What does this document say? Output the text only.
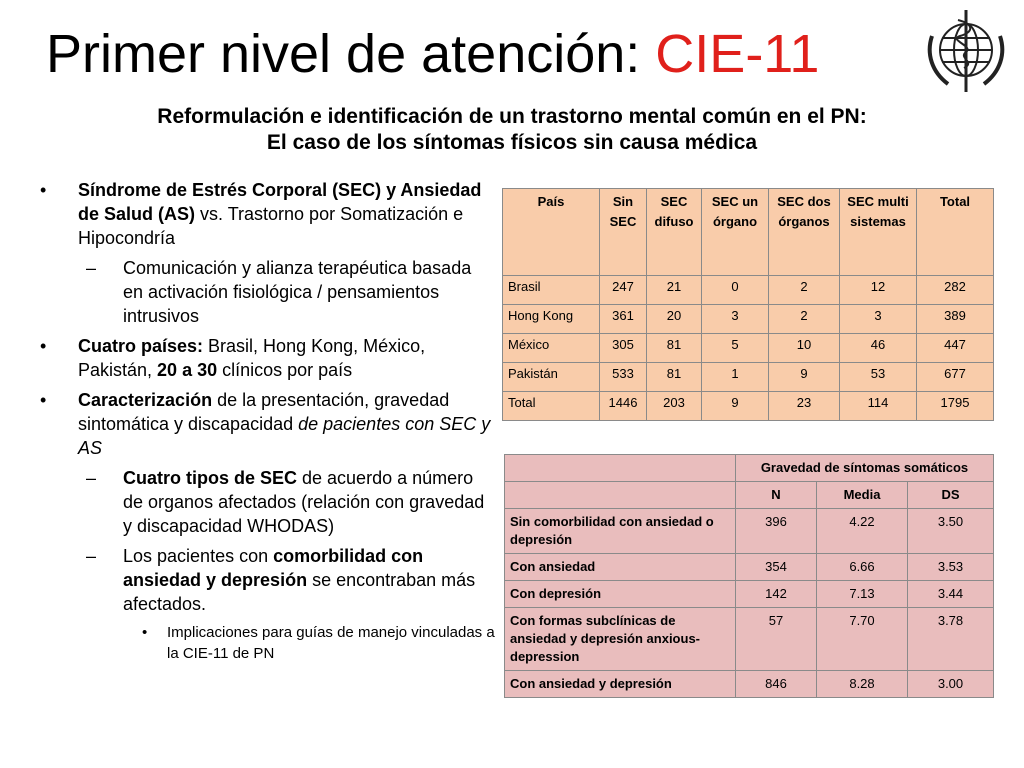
Primer nivel de atención: CIE-11
Reformulación e identificación de un trastorno mental común en el PN:
El caso de los síntomas físicos sin causa médica
• Síndrome de Estrés Corporal (SEC) y Ansiedad de Salud (AS) vs. Trastorno por Somatización e Hipocondría
– Comunicación y alianza terapéutica basada en activación fisiológica / pensamientos intrusivos
• Cuatro países: Brasil, Hong Kong, México, Pakistán, 20 a 30 clínicos por país
• Caracterización de la presentación, gravedad sintomática y discapacidad de pacientes con SEC y AS
– Cuatro tipos de SEC de acuerdo a número de organos afectados (relación con gravedad y discapacidad WHODAS)
– Los pacientes con comorbilidad con ansiedad y depresión se encontraban más afectados.
• Implicaciones para guías de manejo vinculadas a la CIE-11 de PN
País	Sin SEC	SEC difuso	SEC un órgano	SEC dos órganos	SEC multi sistemas	Total
Brasil	247	21	0	2	12	282
Hong Kong	361	20	3	2	3	389
México	305	81	5	10	46	447
Pakistán	533	81	1	9	53	677
Total	1446	203	9	23	114	1795
	Gravedad de síntomas somáticos		
	N	Media	DS
Sin comorbilidad con ansiedad o depresión	396	4.22	3.50
Con ansiedad	354	6.66	3.53
Con depresión	142	7.13	3.44
Con formas subclínicas de ansiedad y depresión anxious-depression	57	7.70	3.78
Con ansiedad y depresión	846	8.28	3.00
